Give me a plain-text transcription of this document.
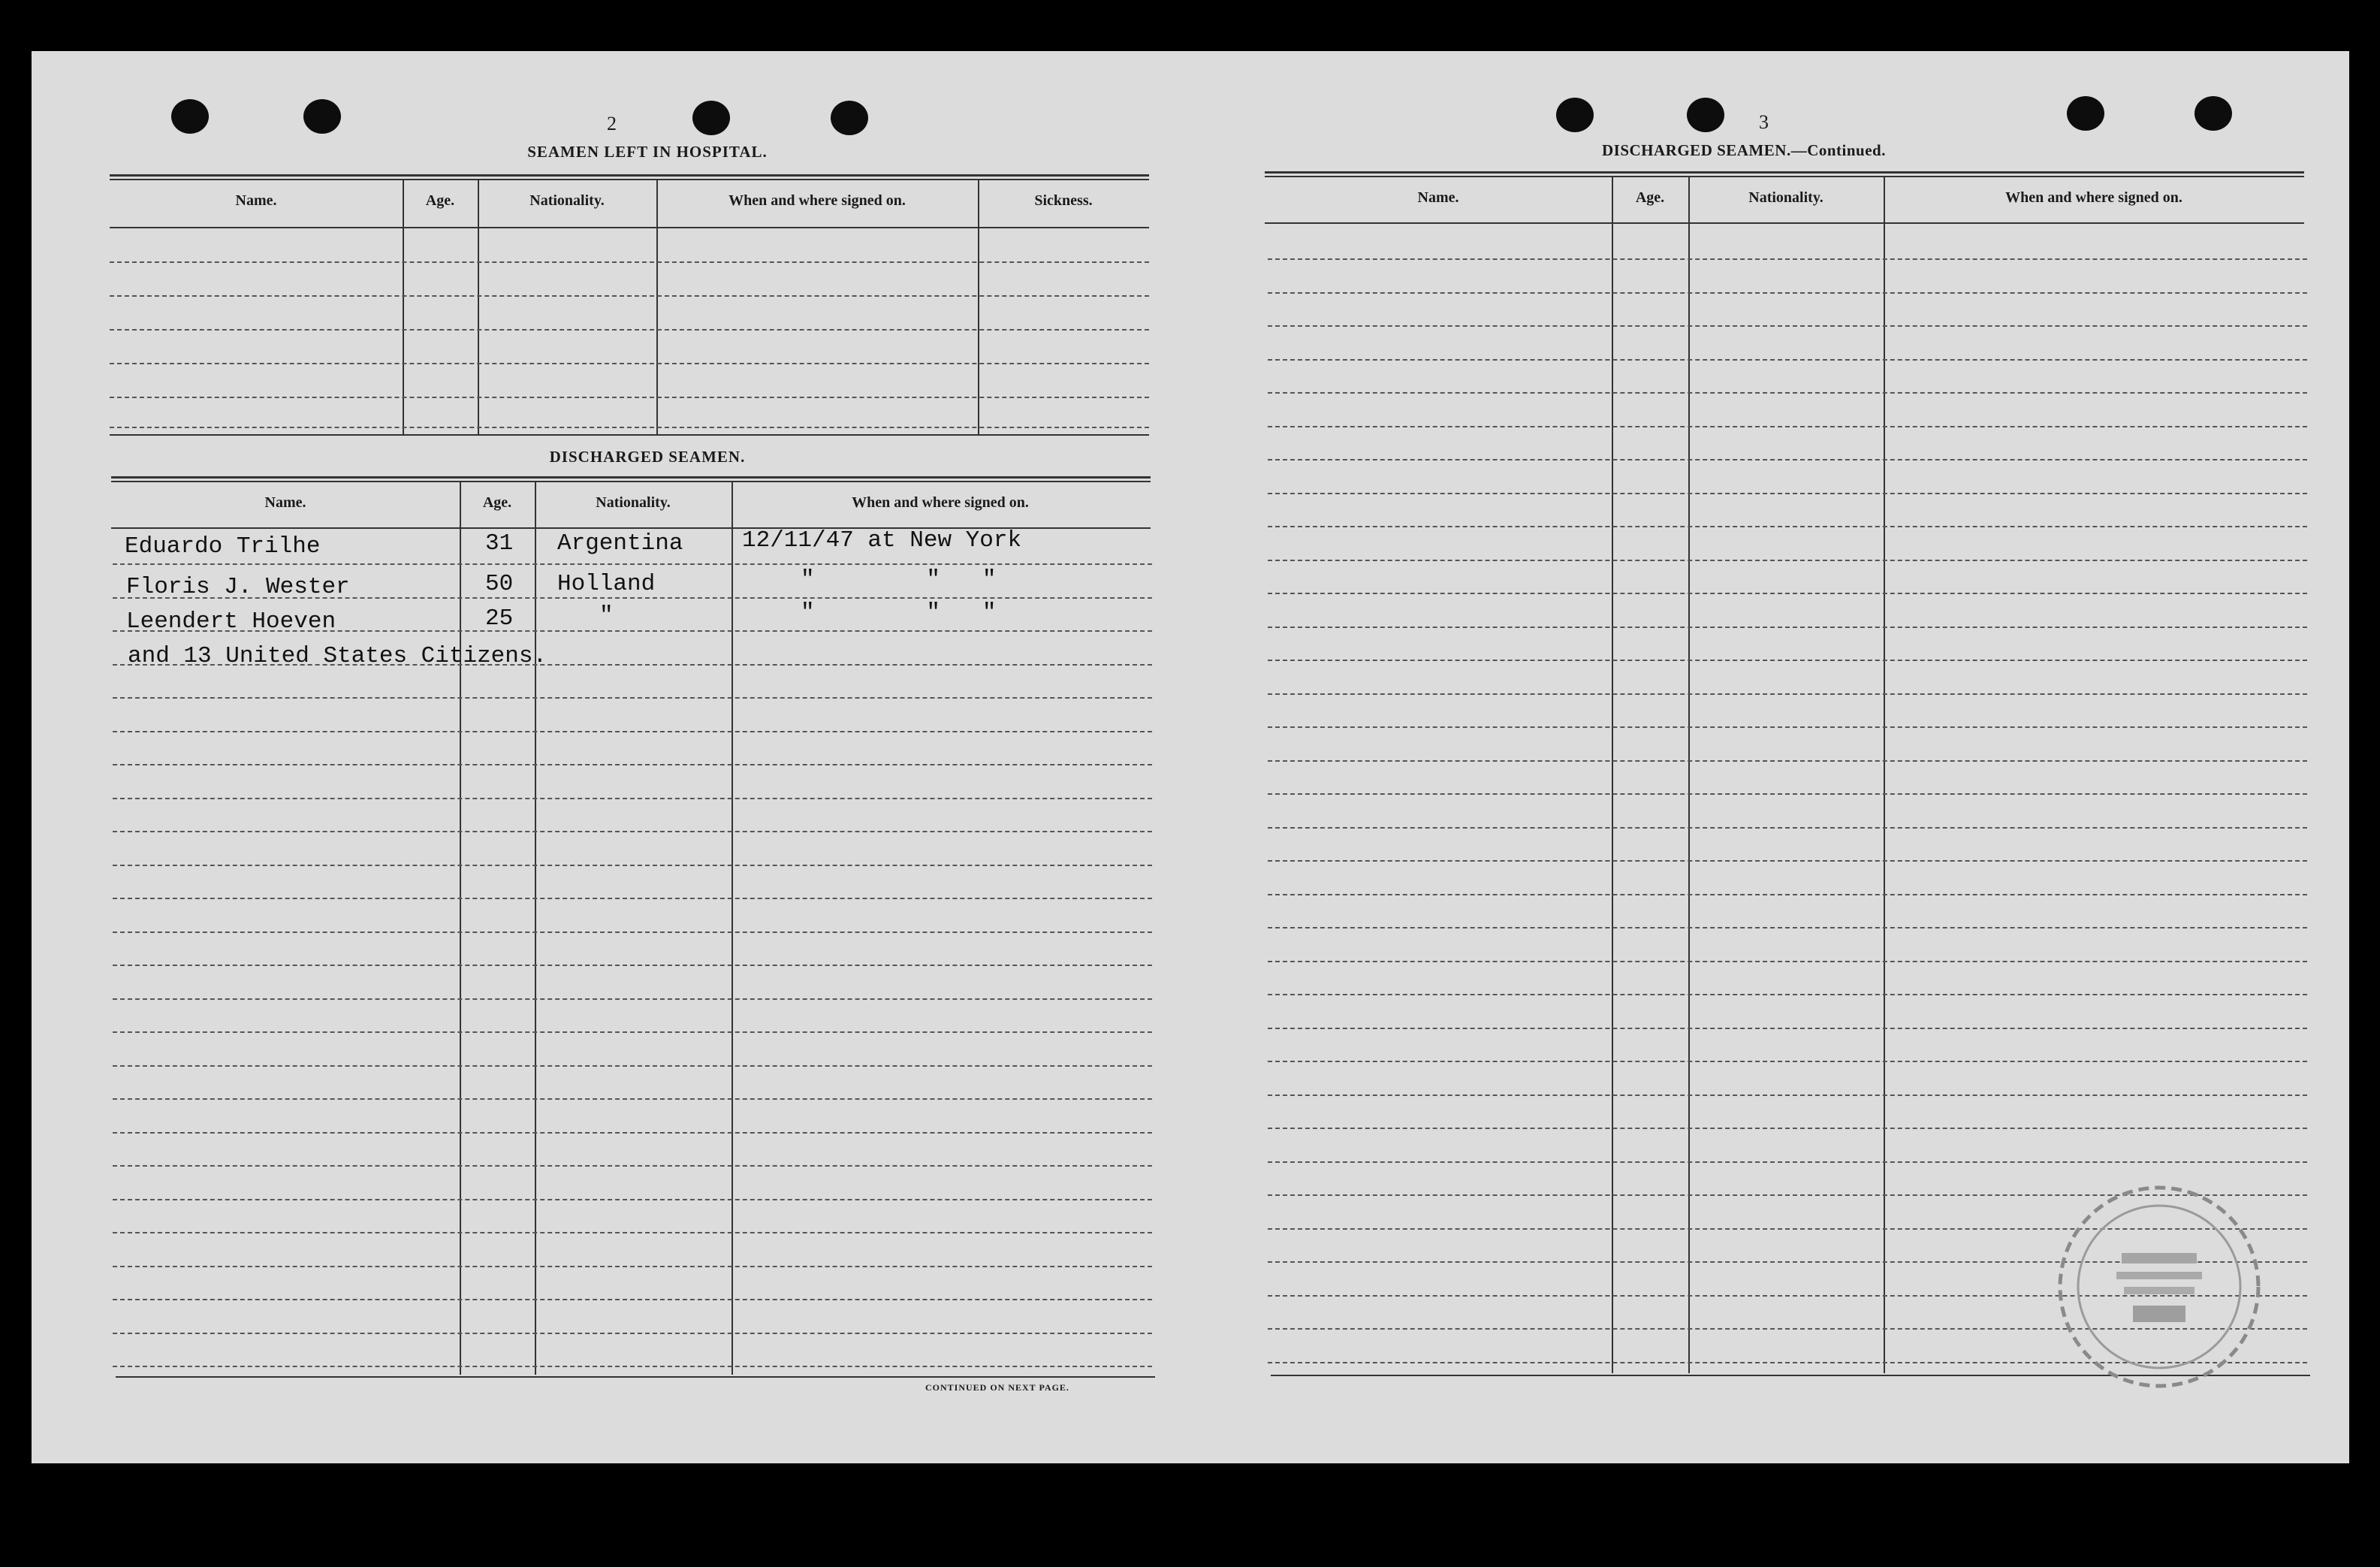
2
SEAMEN LEFT IN HOSPITAL.
Name.	Age.	Nationality.	When and where signed on.	Sickness.
DISCHARGED SEAMEN.
Name.	Age.	Nationality.	When and where signed on.
Eduardo Trilhe	31 Argentina	12/11/47 at New York
Floris J. Wester	50 Holland	"        "   "
Leendert Hoeven	25	"	"        "   "
and 13 United States Citizens.
CONTINUED ON NEXT PAGE.
3
DISCHARGED SEAMEN.—Continued.
Name.	Age.	Nationality.	When and where signed on.
